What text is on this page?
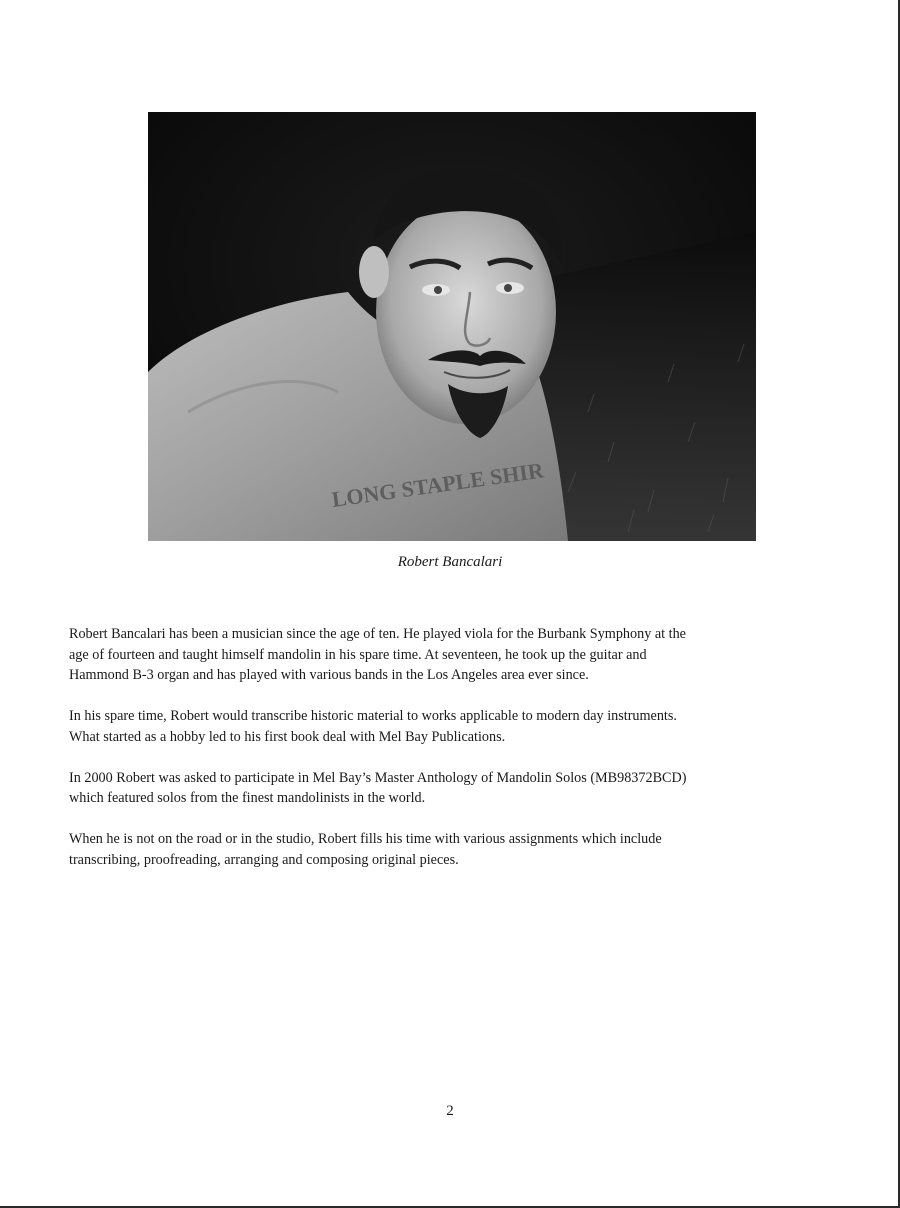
LONG STAPLE SHIR
Robert Bancalari

Robert Bancalari has been a musician since the age of ten. He played viola for the Burbank Symphony at the
age of fourteen and taught himself mandolin in his spare time. At seventeen, he took up the guitar and
Hammond B-3 organ and has played with various bands in the Los Angeles area ever since.

In his spare time, Robert would transcribe historic material to works applicable to modern day instruments.
What started as a hobby led to his first book deal with Mel Bay Publications.

In 2000 Robert was asked to participate in Mel Bay’s Master Anthology of Mandolin Solos (MB98372BCD)
which featured solos from the finest mandolinists in the world.

When he is not on the road or in the studio, Robert fills his time with various assignments which include
transcribing, proofreading, arranging and composing original pieces.

2
